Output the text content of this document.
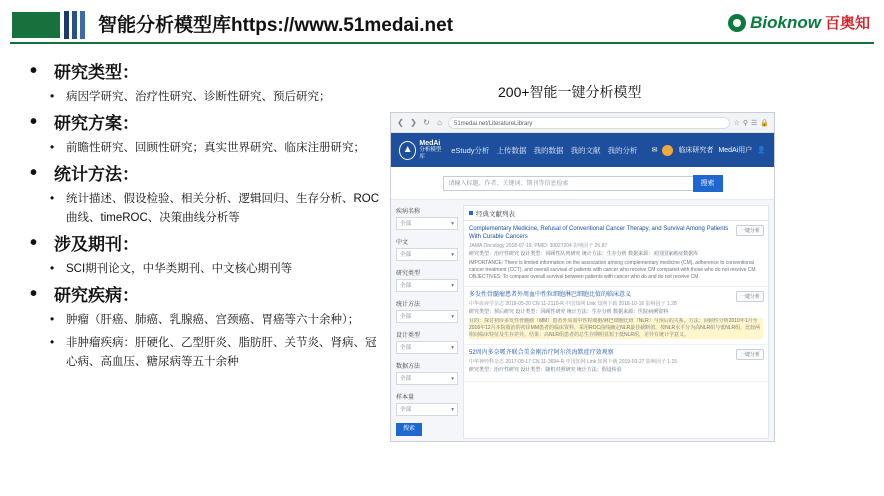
智能分析模型库https://www.51medai.net	Bioknow 百奥知
• 研究类型：
• 病因学研究、治疗性研究、诊断性研究、预后研究；
• 研究方案：
• 前瞻性研究、回顾性研究；真实世界研究、临床注册研究；
• 统计方法：
• 统计描述、假设检验、相关分析、逻辑回归、生存分析、ROC曲线、timeROC、决策曲线分析等
• 涉及期刊：
• SCI期刊论文，中华类期刊、中文核心期刊等
• 研究疾病：
• 肿瘤（肝癌、肺癌、乳腺癌、宫颈癌、胃癌等六十余种）；
• 非肿瘤疾病：肝硬化、乙型肝炎、脂肪肝、关节炎、肾病、冠心病、高血压、糖尿病等五十余种
200+智能一键分析模型
❮ ❯ ↻ ⌂	51medai.net/LiteratureLibrary	☆ ⚲ ☰ 🔒
▲
MedAi
分析模型库
eStudy分析 上传数据 我的数据 我的文献 我的分析 ✉	临床研究者 MedAi用户 👤
请输入标题、作者、关键词、期刊等信息检索	搜索
疾病名称
全部	▾
中文
全部	▾
研究类型
全部	▾
统计方法
全部	▾
设计类型
全部	▾
数据方法
全部	▾
样本量
全部	▾
搜索
经典文献列表
一键分析
Complementary Medicine, Refusal of Conventional Cancer Therapy, and Survival Among Patients With Curable Cancers
JAMA Oncology 2018-07-19, PMID: 30027204 影响因子 26.87
研究类型：治疗性研究 设计类型：回顾性队列研究 统计方法：生存分析 数据来源：美国国家癌症数据库
IMPORTANCE: There is limited information on the association among complementary medicine (CM), adherence to conventional cancer treatment (CCT), and overall survival of patients with cancer who receive CM compared with those who do not receive CM. OBJECTIVES: To compare overall survival between patients with cancer who do and do not receive CM.
一键分析
多发性骨髓瘤患者外周血中性粒细胞淋巴细胞比值的临床意义
中华血液学杂志 2018-05-20 CN 11-2110-R 中国知网 Link 知网下载 2018-10-16 影响因子 1.28
研究类型：预后研究 设计类型：回顾性研究 统计方法：生存分析 数据来源：医院病例资料
目的：探讨初诊多发性骨髓瘤（MM）患者外周血中性粒细胞/淋巴细胞比值（NLR）与预后的关系。方法：回顾性分析2010年1月至2016年12月本院收治的初诊MM患者的临床资料，采用ROC曲线确定NLR最佳截断值，按NLR水平分为高NLR组与低NLR组，比较两组间临床特征及生存差异。结果：高NLR组患者的总生存期明显短于低NLR组，差异有统计学意义。
一键分析
52周内多奈哌齐联合美金刚治疗阿尔茨海默症疗效观察
中华神经科杂志 2017-08-17 CN 11-3694-R 中国知网 Link 知网下载 2019-03-27 影响因子 1.15
研究类型：治疗性研究 设计类型：随机对照研究 统计方法：假设检验
